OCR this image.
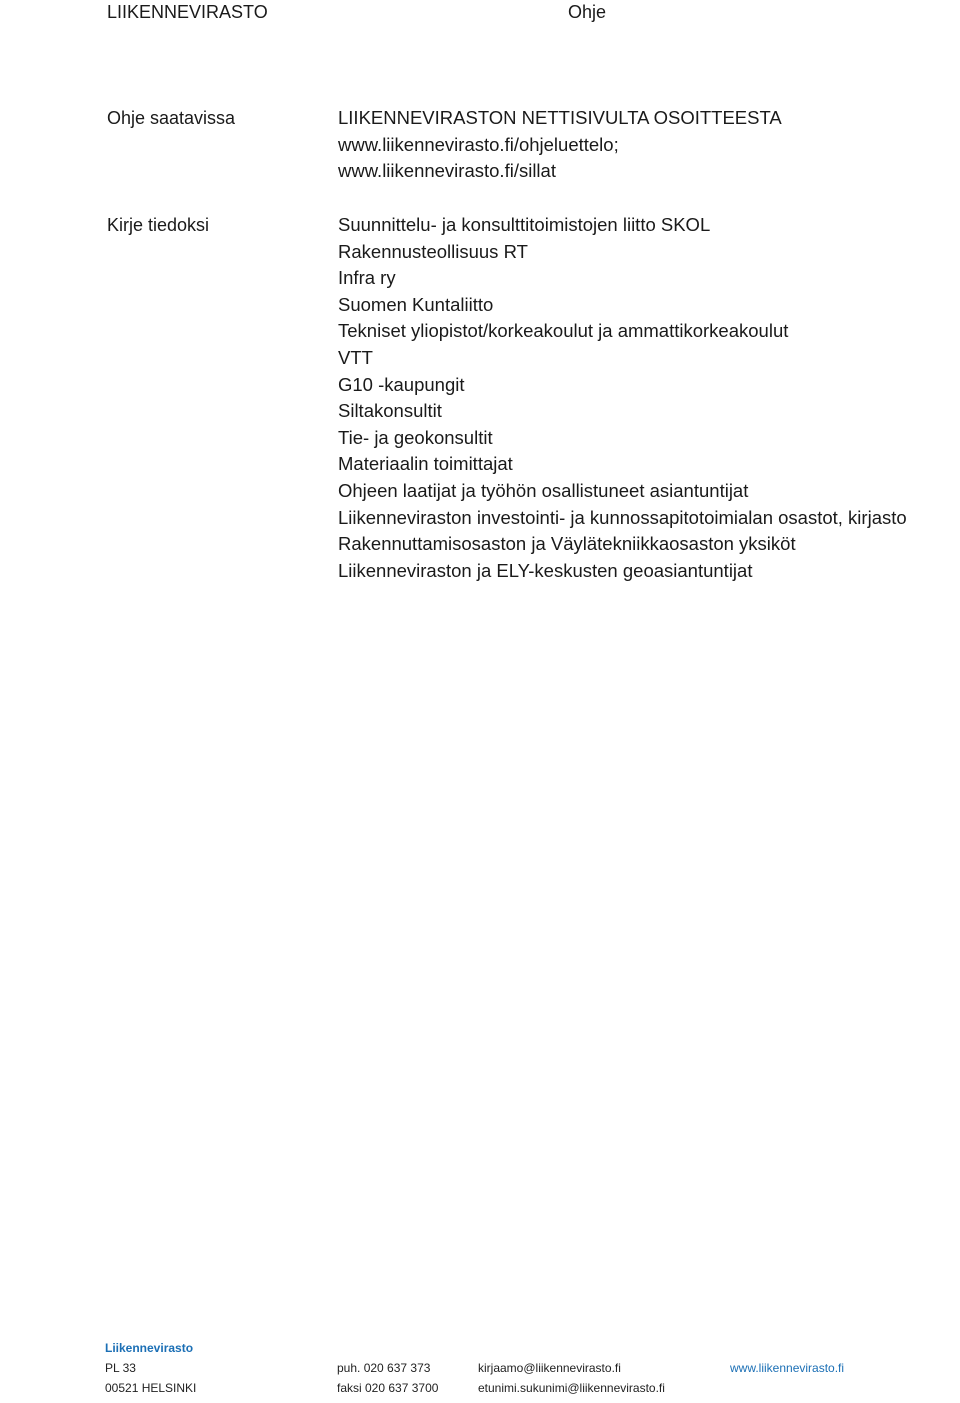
LIIKENNEVIRASTO	Ohje
Ohje saatavissa	LIIKENNEVIRASTON NETTISIVULTA OSOITTEESTA
www.liikennevirasto.fi/ohjeluettelo;
www.liikennevirasto.fi/sillat
Kirje tiedoksi	Suunnittelu- ja konsulttitoimistojen liitto SKOL
Rakennusteollisuus RT
Infra ry
Suomen Kuntaliitto
Tekniset yliopistot/korkeakoulut ja ammattikorkeakoulut
VTT
G10 -kaupungit
Siltakonsultit
Tie- ja geokonsultit
Materiaalin toimittajat
Ohjeen laatijat ja työhön osallistuneet asiantuntijat
Liikenneviraston investointi- ja kunnossapitotoimialan osastot, kirjasto
Rakennuttamisosaston ja Väylätekniikkaosaston yksiköt
Liikenneviraston ja ELY-keskusten geoasiantuntijat
Liikennevirasto
PL 33
00521 HELSINKI
puh. 020 637 373
faksi 020 637 3700
kirjaamo@liikennevirasto.fi
etunimi.sukunimi@liikennevirasto.fi
www.liikennevirasto.fi
